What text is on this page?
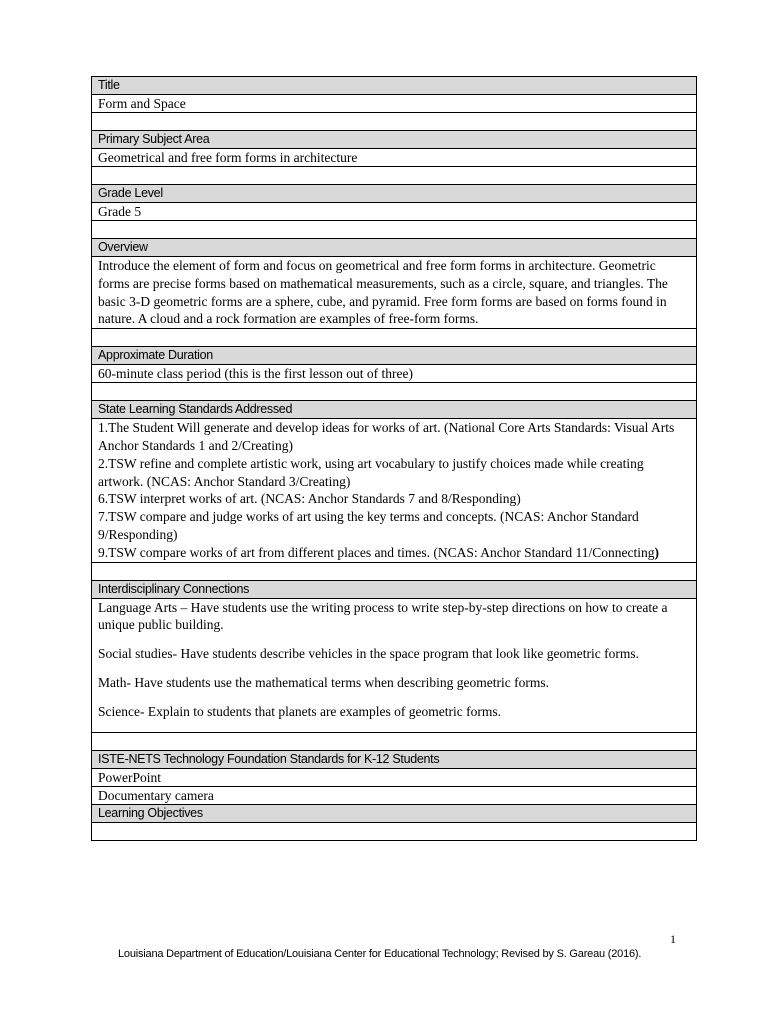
Title
Form and Space

Primary Subject Area
Geometrical and free form forms in architecture

Grade Level
Grade 5

Overview
Introduce the element of form and focus on geometrical and free form forms in architecture. Geometric forms are precise forms based on mathematical measurements, such as a circle, square, and triangles. The basic 3-D geometric forms are a sphere, cube, and pyramid. Free form forms are based on forms found in nature. A cloud and a rock formation are examples of free-form forms.

Approximate Duration
60-minute class period (this is the first lesson out of three)

State Learning Standards Addressed

1.The Student Will generate and develop ideas for works of art. (National Core Arts Standards: Visual Arts Anchor Standards 1 and 2/Creating)
2.TSW refine and complete artistic work, using art vocabulary to justify choices made while creating artwork. (NCAS: Anchor Standard 3/Creating)
6.TSW interpret works of art. (NCAS: Anchor Standards 7 and 8/Responding)
7.TSW compare and judge works of art using the key terms and concepts. (NCAS: Anchor Standard 9/Responding)
9.TSW compare works of art from different places and times. (NCAS: Anchor Standard 11/Connecting)

Interdisciplinary Connections

Language Arts – Have students use the writing process to write step-by-step directions on how to create a unique public building.

Social studies- Have students describe vehicles in the space program that look like geometric forms.

Math- Have students use the mathematical terms when describing geometric forms.

Science- Explain to students that planets are examples of geometric forms.

ISTE-NETS Technology Foundation Standards for K-12 Students
PowerPoint
Documentary camera
Learning Objectives

1
Louisiana Department of Education/Louisiana Center for Educational Technology; Revised by S. Gareau (2016).
